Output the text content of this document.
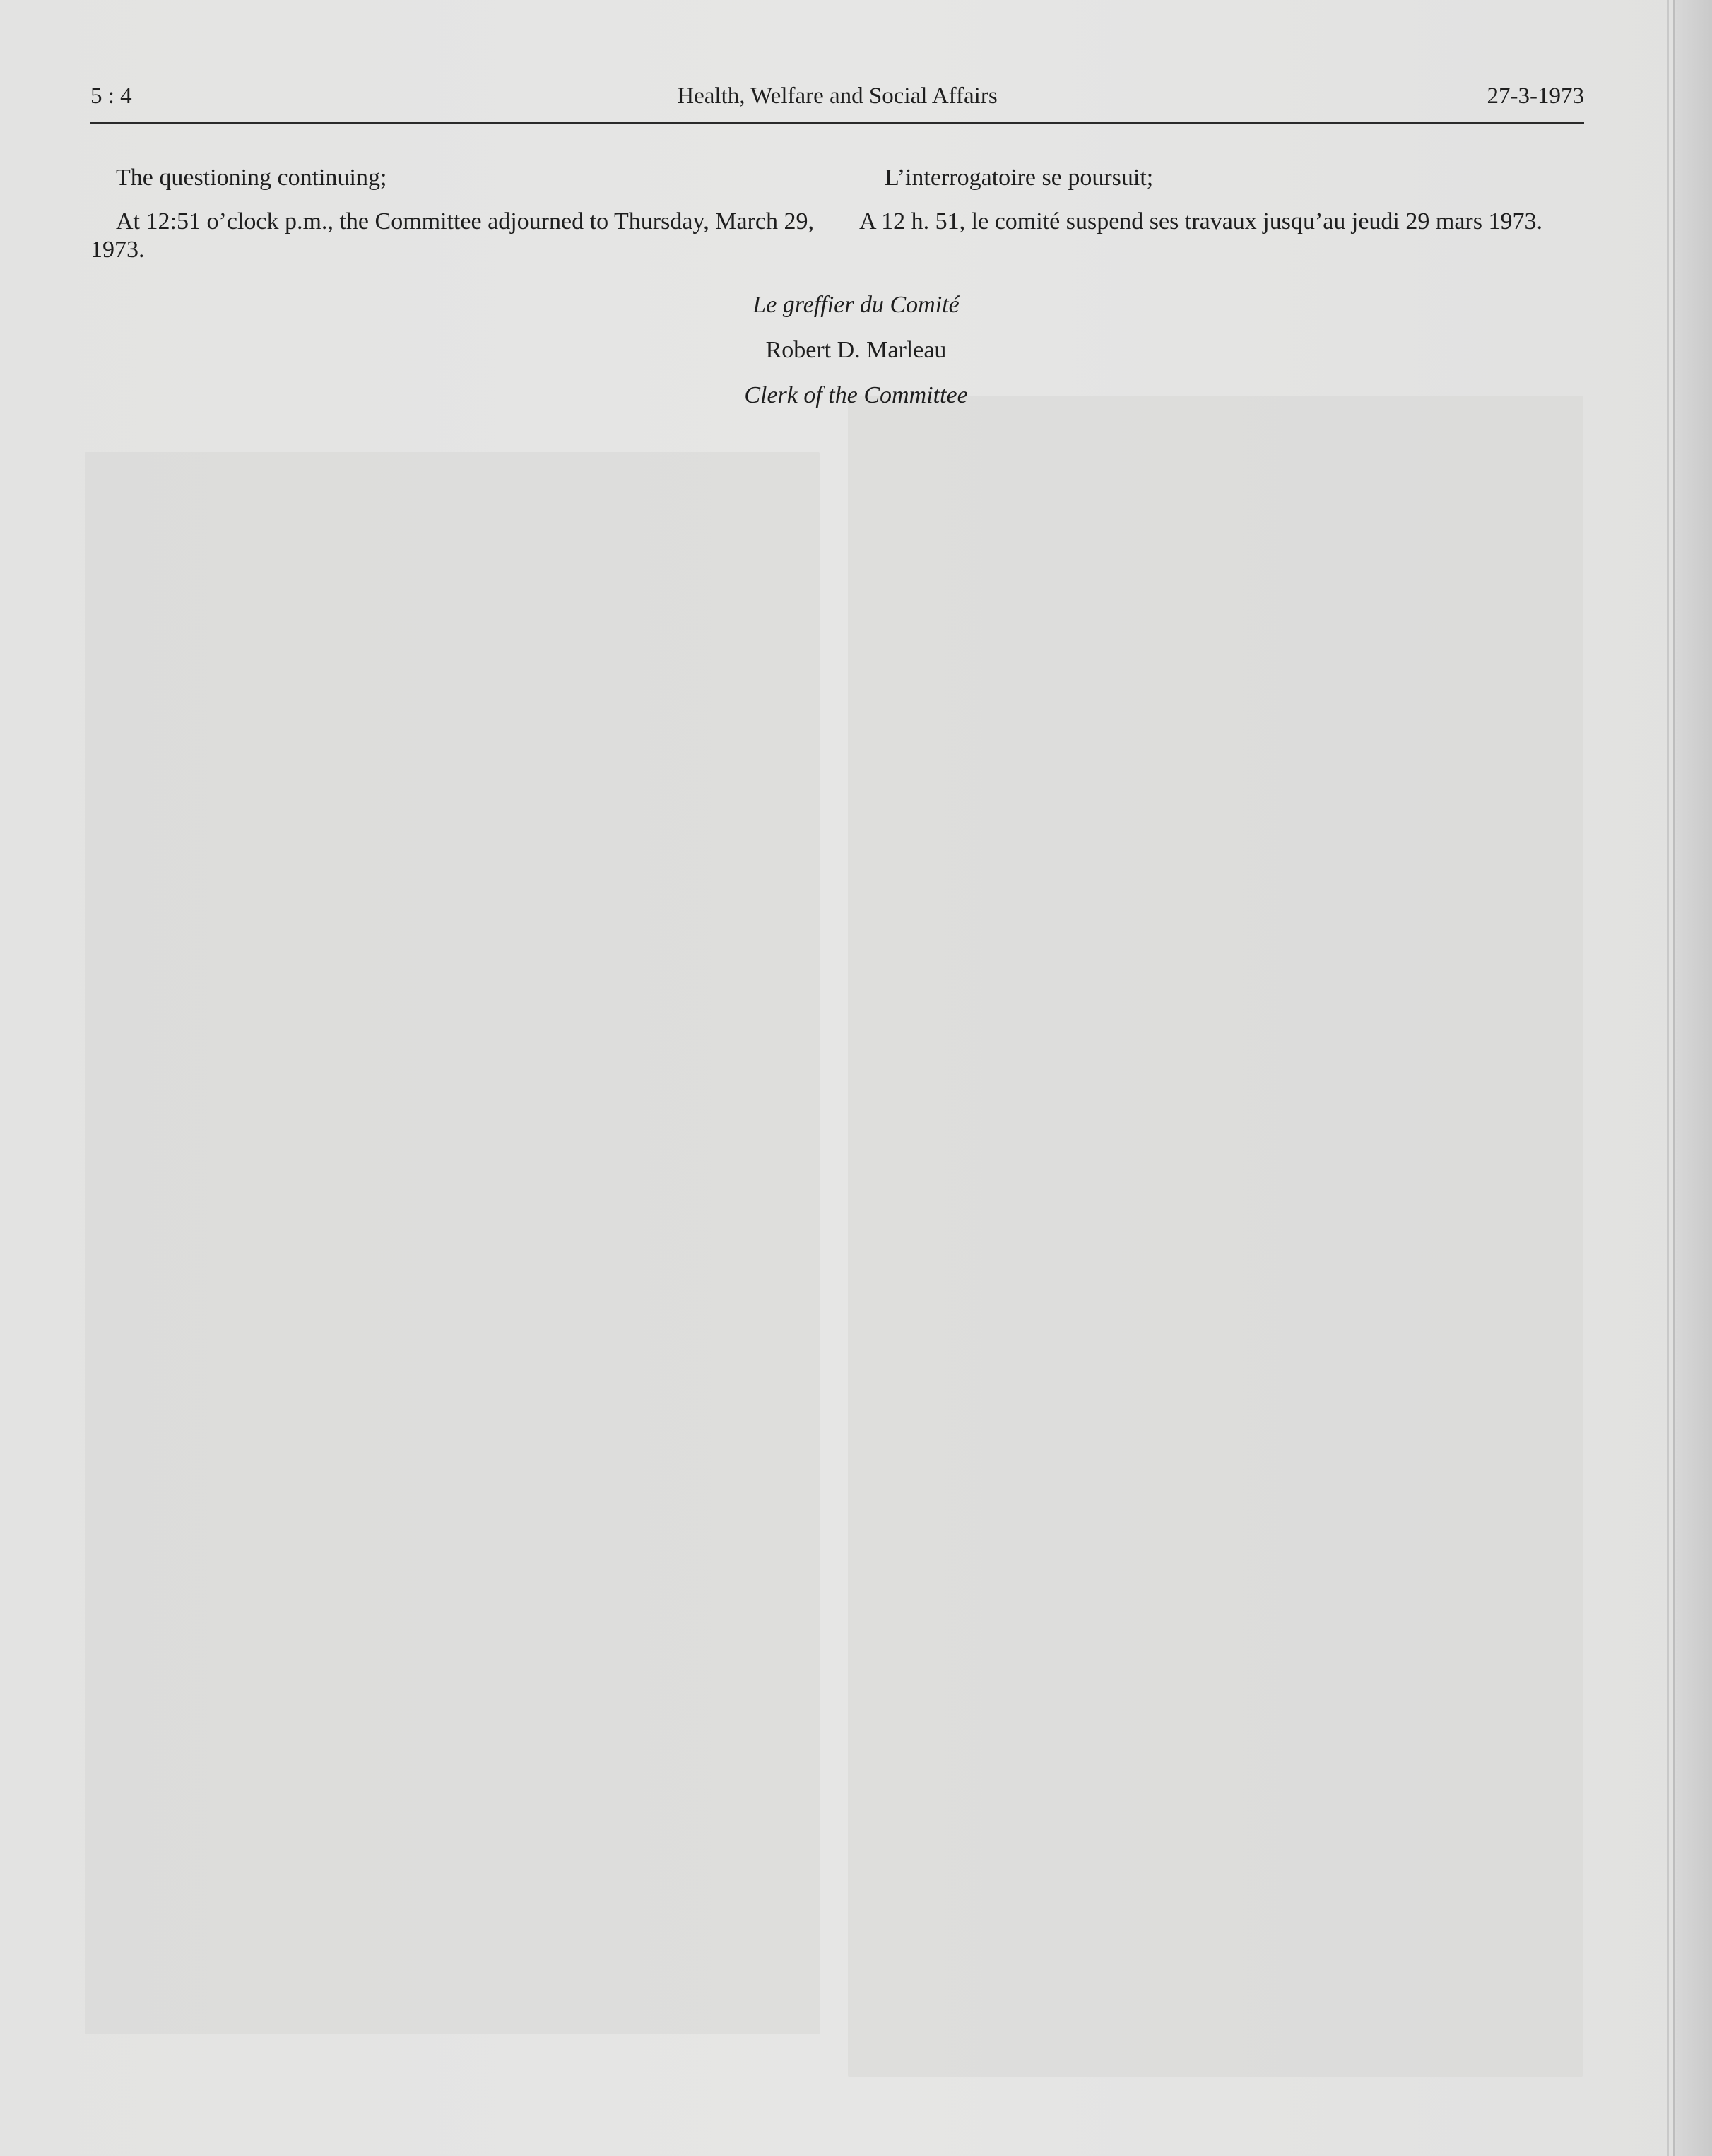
5 : 4	Health, Welfare and Social Affairs	27-3-1973

The questioning continuing;

At 12:51 o’clock p.m., the Committee adjourned to Thursday, March 29, 1973.

L’interrogatoire se poursuit;

A 12 h. 51, le comité suspend ses travaux jusqu’au jeudi 29 mars 1973.

Le greffier du Comité
Robert D. Marleau
Clerk of the Committee
